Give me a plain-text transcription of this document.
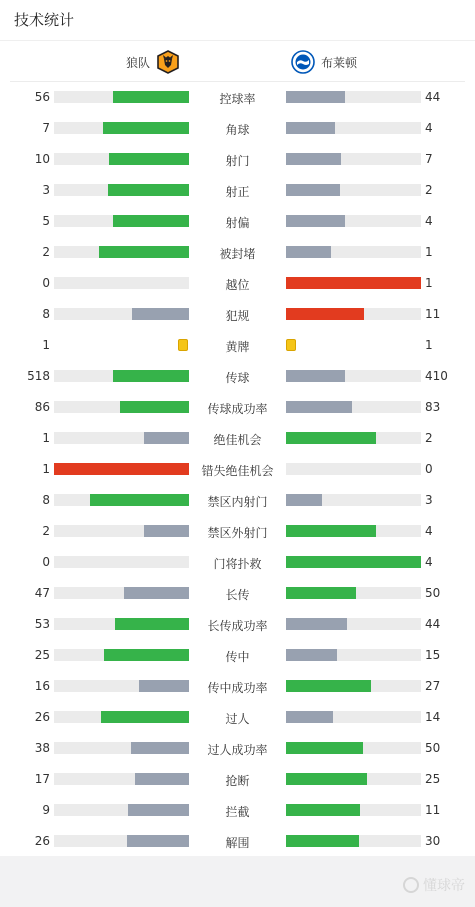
技术统计
狼队	布莱顿
56	控球率	44
7	角球	4
10	射门	7
3	射正	2
5	射偏	4
2	被封堵	1
0	越位	1
8	犯规	11
1	黄牌	1
518	传球	410
86	传球成功率	83
1	绝佳机会	2
1	错失绝佳机会	0
8	禁区内射门	3
2	禁区外射门	4
0	门将扑救	4
47	长传	50
53	长传成功率	44
25	传中	15
16	传中成功率	27
26	过人	14
38	过人成功率	50
17	抢断	25
9	拦截	11
26	解围	30
懂球帝
